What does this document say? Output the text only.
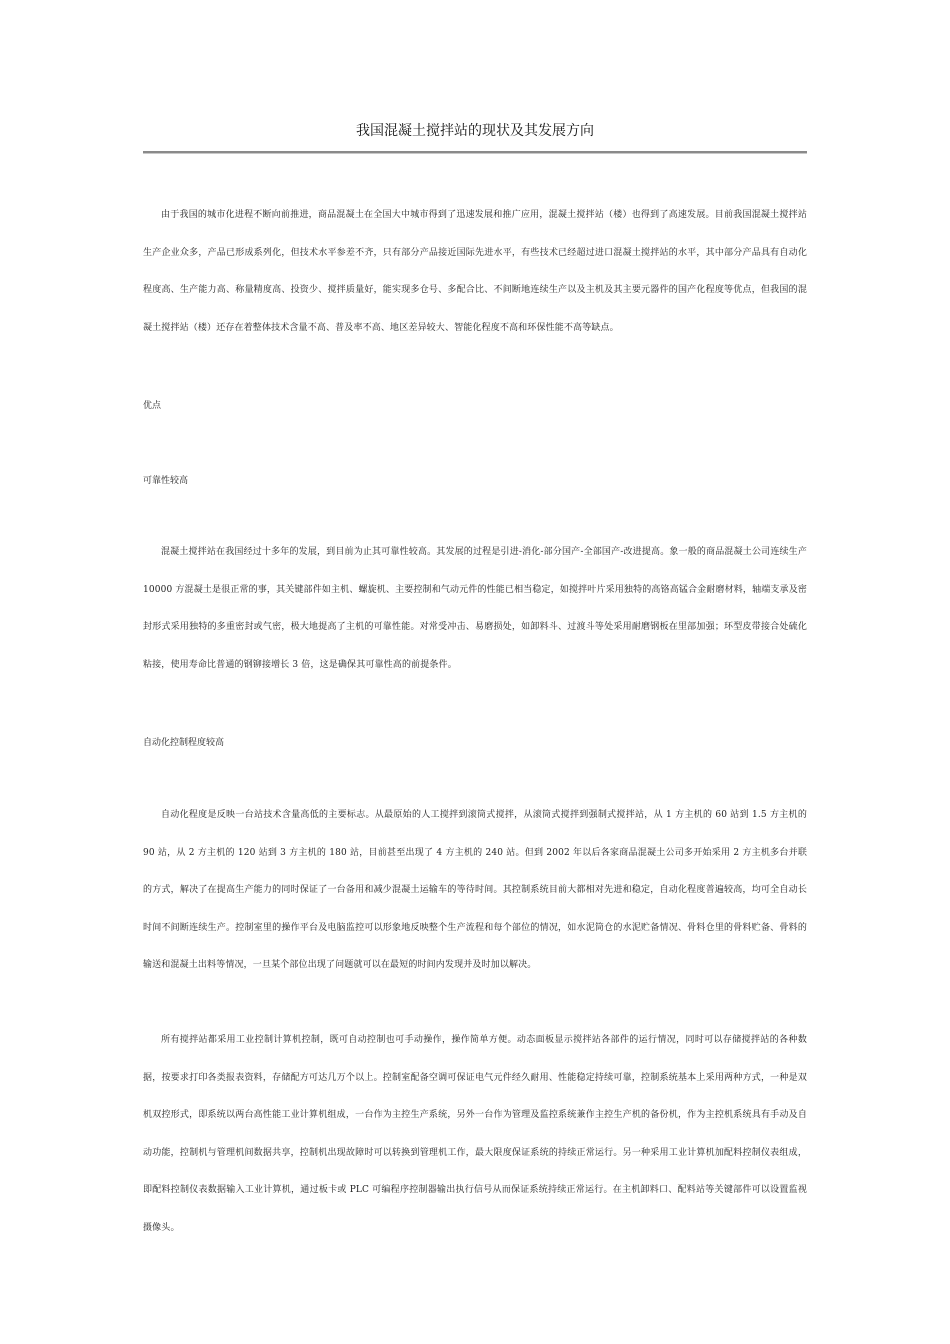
我国混凝土搅拌站的现状及其发展方向

由于我国的城市化进程不断向前推进，商品混凝土在全国大中城市得到了迅速发展和推广应用，混凝土搅拌站（楼）也得到了高速发展。目前我国混凝土搅拌站生产企业众多，产品已形成系列化，但技术水平参差不齐，只有部分产品接近国际先进水平，有些技术已经超过进口混凝土搅拌站的水平，其中部分产品具有自动化程度高、生产能力高、称量精度高、投资少、搅拌质量好，能实现多仓号、多配合比、不间断地连续生产以及主机及其主要元器件的国产化程度等优点，但我国的混凝土搅拌站（楼）还存在着整体技术含量不高、普及率不高、地区差异较大、智能化程度不高和环保性能不高等缺点。

优点

可靠性较高

混凝土搅拌站在我国经过十多年的发展，到目前为止其可靠性较高。其发展的过程是引进-消化-部分国产-全部国产-改进提高。象一般的商品混凝土公司连续生产 10000 方混凝土是很正常的事，其关键部件如主机、螺旋机、主要控制和气动元件的性能已相当稳定，如搅拌叶片采用独特的高铬高锰合金耐磨材料，轴端支承及密封形式采用独特的多重密封或气密，极大地提高了主机的可靠性能。对常受冲击、易磨损处，如卸料斗、过渡斗等处采用耐磨钢板在里部加强；环型皮带接合处硫化粘接，使用寿命比普通的钢铆接增长 3 倍，这是确保其可靠性高的前提条件。

自动化控制程度较高

自动化程度是反映一台站技术含量高低的主要标志。从最原始的人工搅拌到滚筒式搅拌，从滚筒式搅拌到强制式搅拌站，从 1 方主机的 60 站到 1.5 方主机的 90 站，从 2 方主机的 120 站到 3 方主机的 180 站，目前甚至出现了 4 方主机的 240 站。但到 2002 年以后各家商品混凝土公司多开始采用 2 方主机多台并联的方式，解决了在提高生产能力的同时保证了一台备用和减少混凝土运输车的等待时间。其控制系统目前大都相对先进和稳定，自动化程度普遍较高，均可全自动长时间不间断连续生产。控制室里的操作平台及电脑监控可以形象地反映整个生产流程和每个部位的情况，如水泥筒仓的水泥贮备情况、骨料仓里的骨料贮备、骨料的输送和混凝土出料等情况，一旦某个部位出现了问题就可以在最短的时间内发现并及时加以解决。

所有搅拌站都采用工业控制计算机控制，既可自动控制也可手动操作，操作简单方便。动态面板显示搅拌站各部件的运行情况，同时可以存储搅拌站的各种数据，按要求打印各类报表资料，存储配方可达几万个以上。控制室配备空调可保证电气元件经久耐用、性能稳定持续可靠，控制系统基本上采用两种方式，一种是双机双控形式，即系统以两台高性能工业计算机组成，一台作为主控生产系统，另外一台作为管理及监控系统兼作主控生产机的备份机，作为主控机系统具有手动及自动功能，控制机与管理机间数据共享，控制机出现故障时可以转换到管理机工作，最大限度保证系统的持续正常运行。另一种采用工业计算机加配料控制仪表组成，即配料控制仪表数据输入工业计算机，通过板卡或 PLC 可编程序控制器输出执行信号从而保证系统持续正常运行。在主机卸料口、配料站等关键部件可以设置监视摄像头。
